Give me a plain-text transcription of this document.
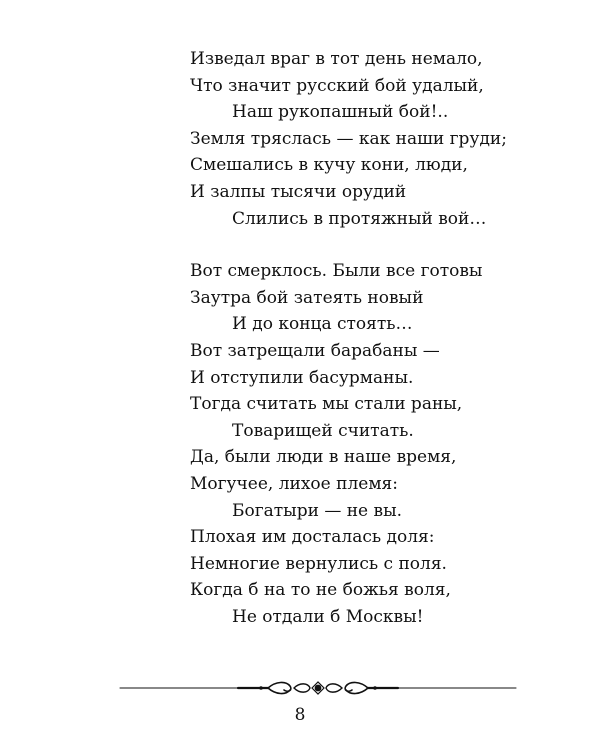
Изведал враг в тот день немало,
Что значит русский бой удалый,
Наш рукопашный бой!..
Земля тряслась — как наши груди;
Смешались в кучу кони, люди,
И залпы тысячи орудий
Слились в протяжный вой…
Вот смерклось. Были все готовы
Заутра бой затеять новый
И до конца стоять…
Вот затрещали барабаны —
И отступили басурманы.
Тогда считать мы стали раны,
Товарищей считать.
Да, были люди в наше время,
Могучее, лихое племя:
Богатыри — не вы.
Плохая им досталась доля:
Немногие вернулись с поля.
Когда б на то не божья воля,
Не отдали б Москвы!
8
